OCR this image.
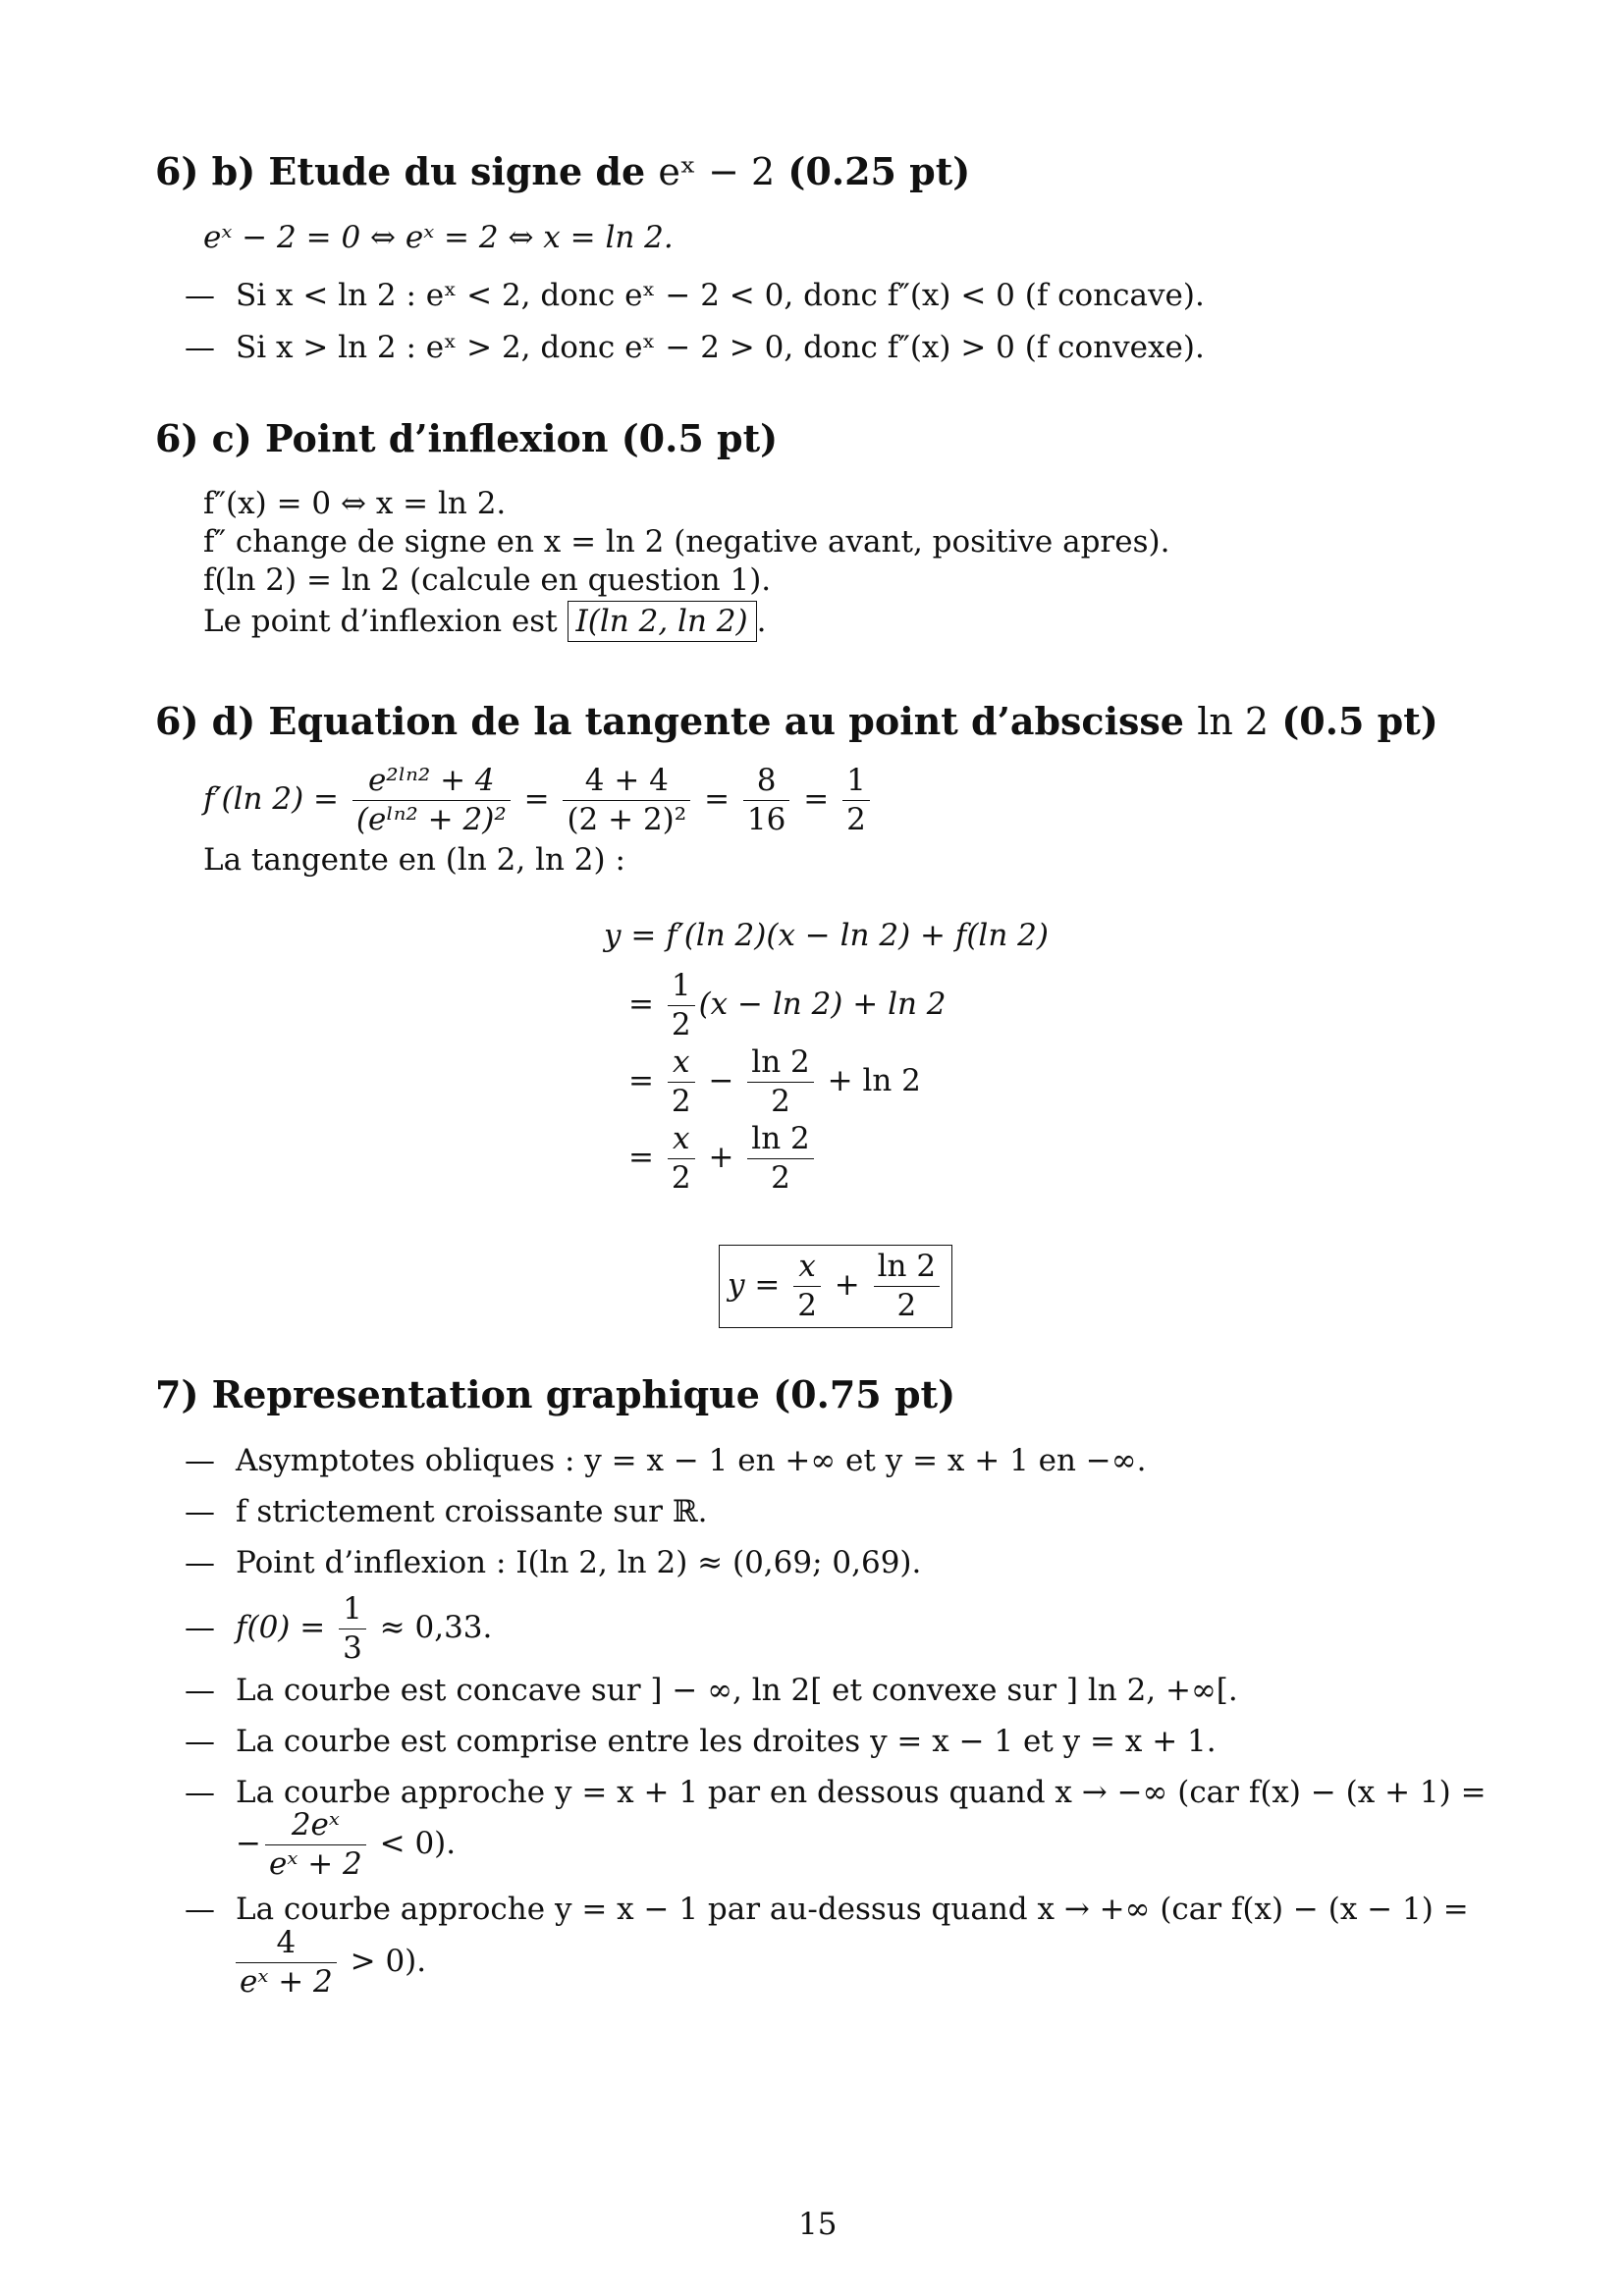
6) b) Etude du signe de eˣ − 2 (0.25 pt)
eˣ − 2 = 0 ⇔ eˣ = 2 ⇔ x = ln 2.
— Si x < ln 2 : eˣ < 2, donc eˣ − 2 < 0, donc f″(x) < 0 (f concave).
— Si x > ln 2 : eˣ > 2, donc eˣ − 2 > 0, donc f″(x) > 0 (f convexe).
6) c) Point d’inflexion (0.5 pt)
f″(x) = 0 ⇔ x = ln 2.
f″ change de signe en x = ln 2 (negative avant, positive apres).
f(ln 2) = ln 2 (calcule en question 1).
Le point d’inflexion est I(ln 2, ln 2) .
6) d) Equation de la tangente au point d’abscisse ln 2 (0.5 pt)
f′(ln $2) = \frac{\text{e²ˡⁿ² + 4}}{\text{(eˡⁿ² + 2)²}} = \frac{4 + 4}{\text{(2 + 2)²}} = \frac{8}{16} = \frac{1}{2}$
La tangente en (ln 2, ln 2) :
y = f′(ln 2)(x − ln 2) + f(ln 2)
= $\frac{1}{2} (x - \ln 2) + \ln 2$
= $\frac{x}{2} - \frac{\ln 2}{2} + \ln 2$
= $\frac{x}{2} + \frac{\ln 2}{2}$
$y = \frac{x}{2} + \frac{\ln 2}{2}$
7) Representation graphique (0.75 pt)
— Asymptotes obliques : y = x − 1 en +∞ et y = x + 1 en −∞.
— f strictement croissante sur ℝ.
— Point d’inflexion : I(ln 2, ln 2) ≈ (0,69; 0,69).
— $f(0) = \frac{1}{3} \approx 0,33$.
— La courbe est concave sur ] − ∞, ln 2[ et convexe sur ] ln 2, +∞[.
— La courbe est comprise entre les droites y = x − 1 et y = x + 1.
— La courbe approche y = x + 1 par en dessous quand x → −∞ (car f(x) − (x + 1) =
− $\frac{\text{2eˣ}}{\text{eˣ + 2}} < 0$).
— La courbe approche y = x − 1 par au-dessus quand x → +∞ (car f(x) − (x − 1) =
$\frac{4}{\text{eˣ + 2}} > 0$).
15
